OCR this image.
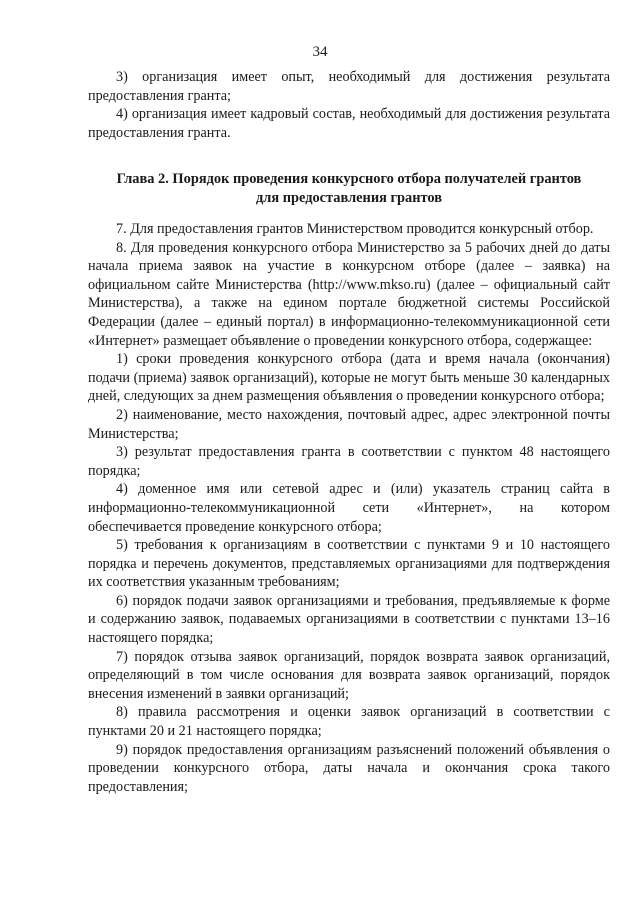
34

3) организация имеет опыт, необходимый для достижения результата предоставления гранта;

4) организация имеет кадровый состав, необходимый для достижения результата предоставления гранта.

Глава 2. Порядок проведения конкурсного отбора получателей грантов
для предоставления грантов

7. Для предоставления грантов Министерством проводится конкурсный отбор.

8. Для проведения конкурсного отбора Министерство за 5 рабочих дней до даты начала приема заявок на участие в конкурсном отборе (далее – заявка) на официальном сайте Министерства (http://www.mkso.ru) (далее – официальный сайт Министерства), а также на едином портале бюджетной системы Российской Федерации (далее – единый портал) в информационно-телекоммуникационной сети «Интернет» размещает объявление о проведении конкурсного отбора, содержащее:

1) сроки проведения конкурсного отбора (дата и время начала (окончания) подачи (приема) заявок организаций), которые не могут быть меньше 30 календарных дней, следующих за днем размещения объявления о проведении конкурсного отбора;

2) наименование, место нахождения, почтовый адрес, адрес электронной почты Министерства;

3) результат предоставления гранта в соответствии с пунктом 48 настоящего порядка;

4) доменное имя или сетевой адрес и (или) указатель страниц сайта в информационно-телекоммуникационной сети «Интернет», на котором обеспечивается проведение конкурсного отбора;

5) требования к организациям в соответствии с пунктами 9 и 10 настоящего порядка и перечень документов, представляемых организациями для подтверждения их соответствия указанным требованиям;

6) порядок подачи заявок организациями и требования, предъявляемые к форме и содержанию заявок, подаваемых организациями в соответствии с пунктами 13–16 настоящего порядка;

7) порядок отзыва заявок организаций, порядок возврата заявок организаций, определяющий в том числе основания для возврата заявок организаций, порядок внесения изменений в заявки организаций;

8) правила рассмотрения и оценки заявок организаций в соответствии с пунктами 20 и 21 настоящего порядка;

9) порядок предоставления организациям разъяснений положений объявления о проведении конкурсного отбора, даты начала и окончания срока такого предоставления;
